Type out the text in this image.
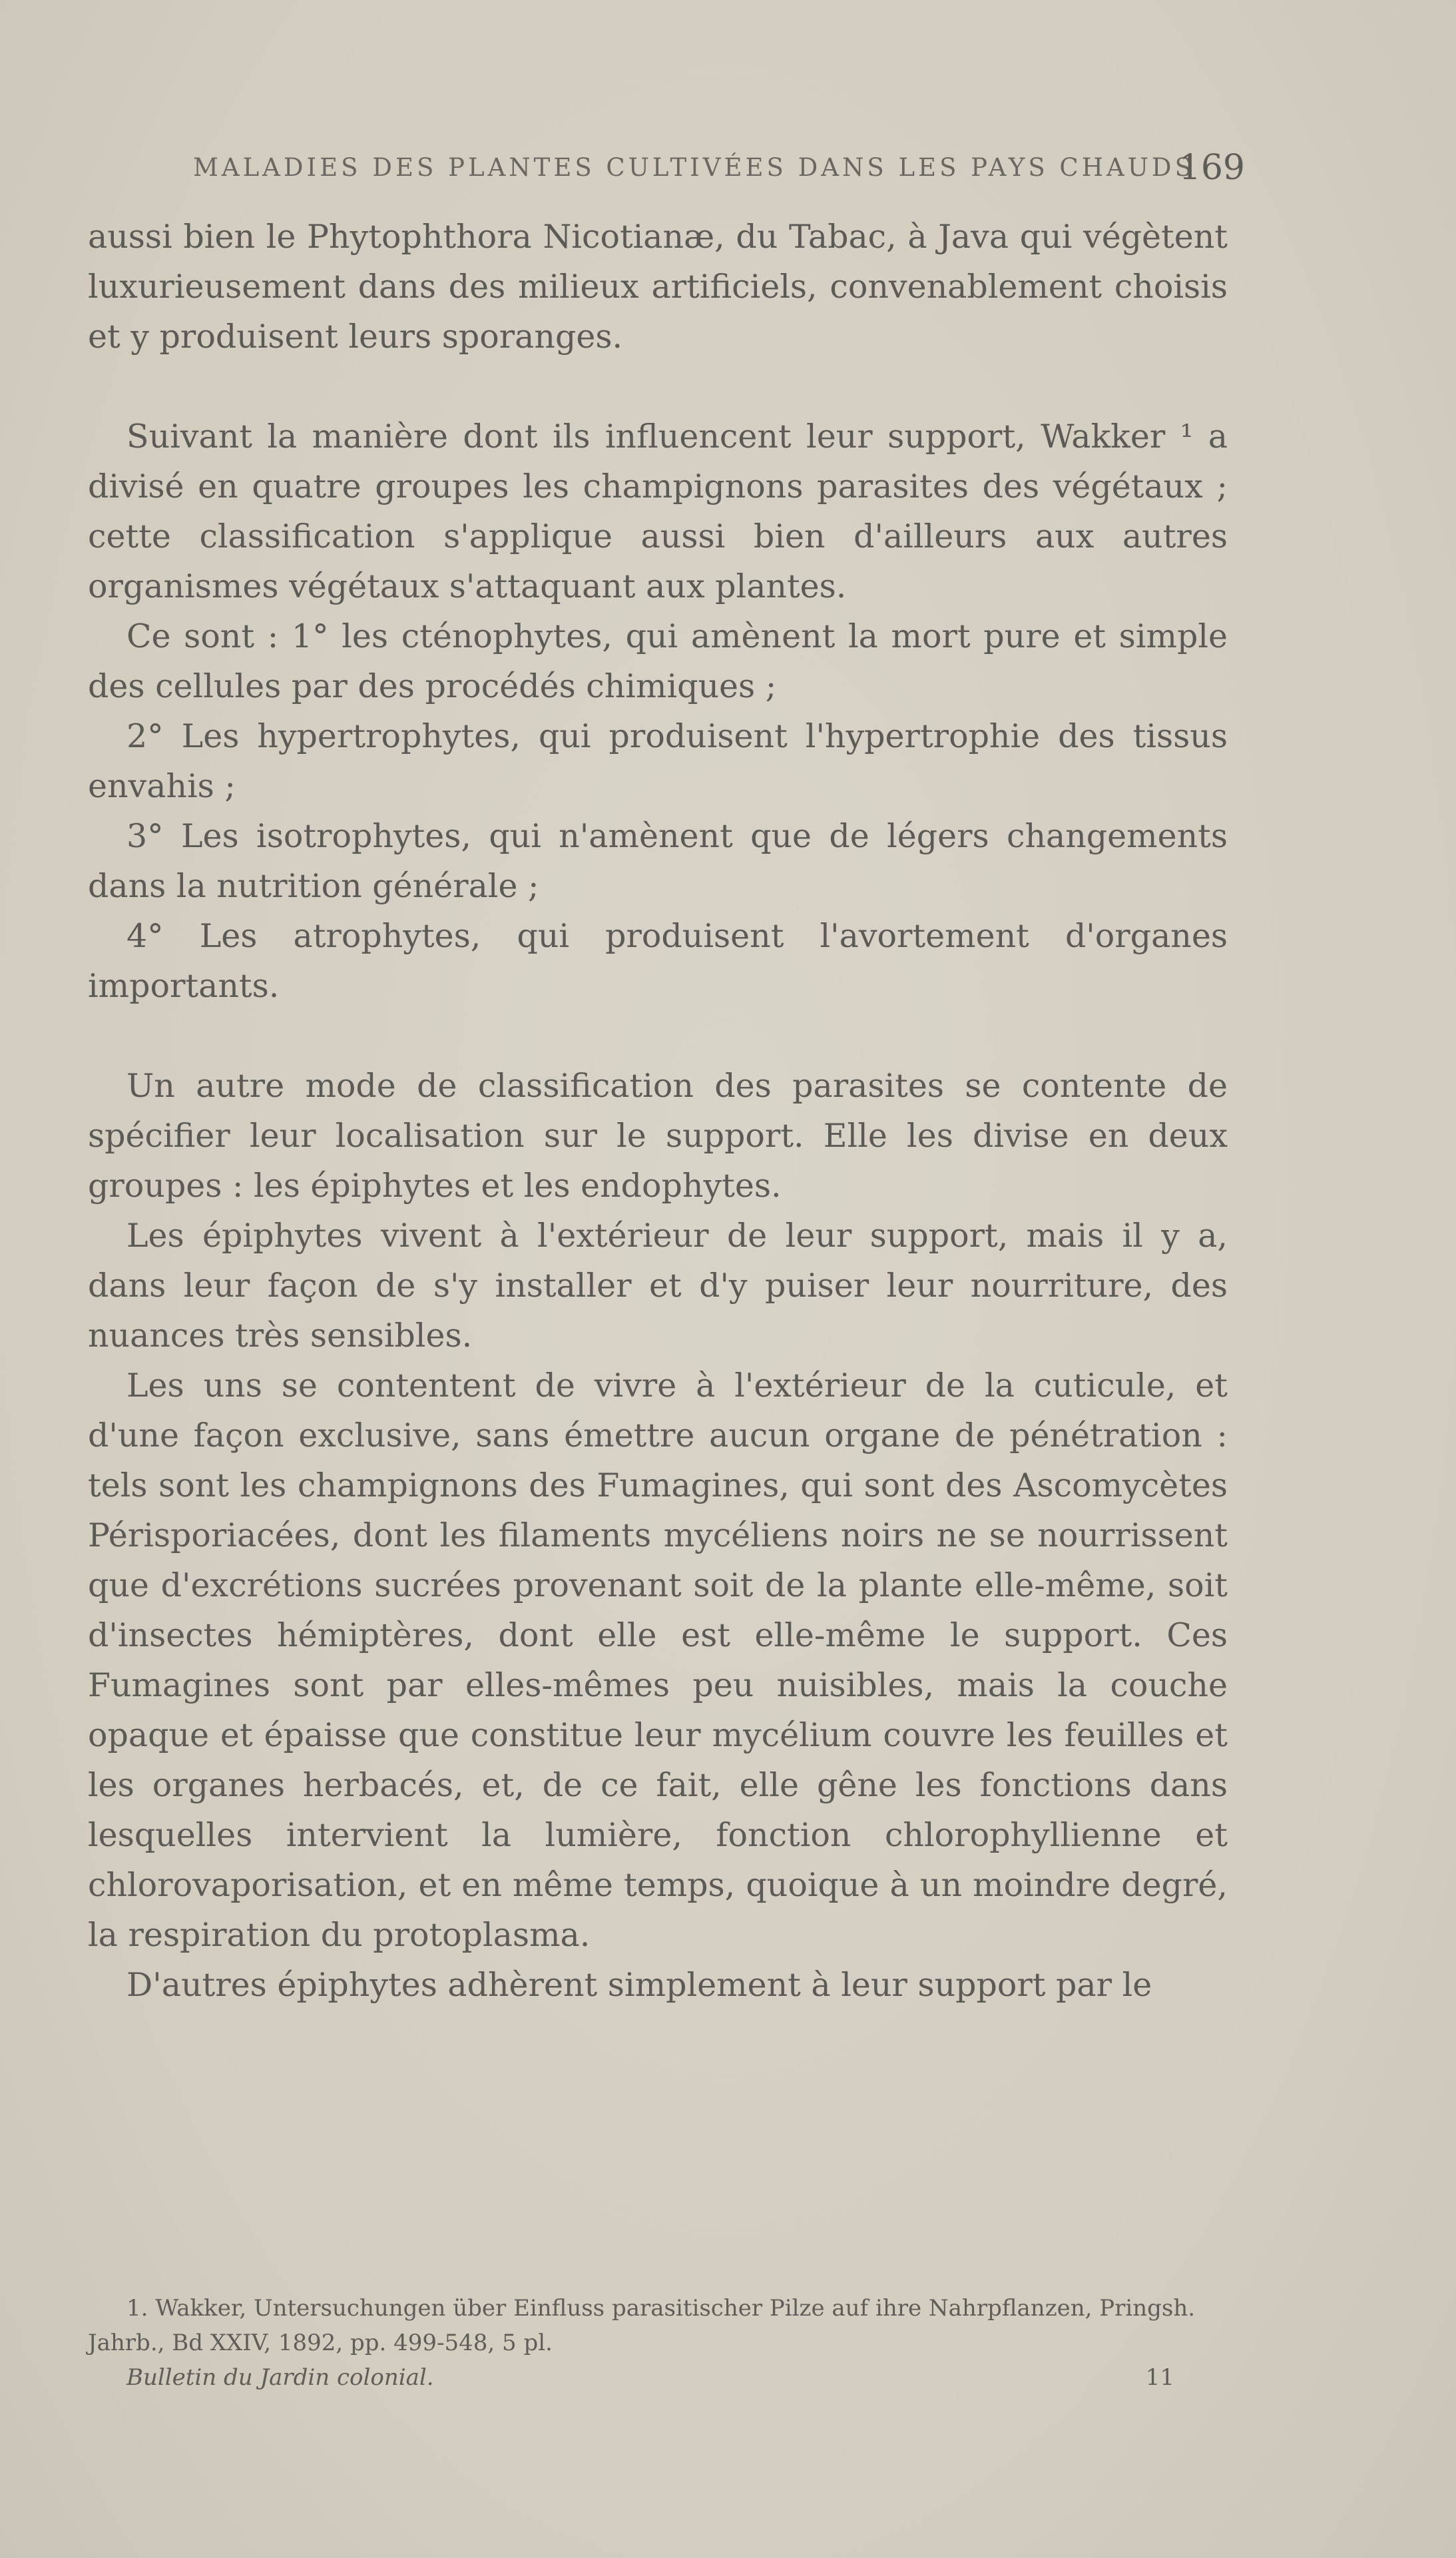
MALADIES DES PLANTES CULTIVÉES DANS LES PAYS CHAUDS
169

aussi bien le Phytophthora Nicotianæ, du Tabac, à Java qui végètent luxurieusement dans des milieux artificiels, convenablement choisis et y produisent leurs sporanges.

Suivant la manière dont ils influencent leur support, Wakker ¹ a divisé en quatre groupes les champignons parasites des végétaux ; cette classification s'applique aussi bien d'ailleurs aux autres organismes végétaux s'attaquant aux plantes.

Ce sont : 1° les cténophytes, qui amènent la mort pure et simple des cellules par des procédés chimiques ;

2° Les hypertrophytes, qui produisent l'hypertrophie des tissus envahis ;

3° Les isotrophytes, qui n'amènent que de légers changements dans la nutrition générale ;

4° Les atrophytes, qui produisent l'avortement d'organes importants.

Un autre mode de classification des parasites se contente de spécifier leur localisation sur le support. Elle les divise en deux groupes : les épiphytes et les endophytes.

Les épiphytes vivent à l'extérieur de leur support, mais il y a, dans leur façon de s'y installer et d'y puiser leur nourriture, des nuances très sensibles.

Les uns se contentent de vivre à l'extérieur de la cuticule, et d'une façon exclusive, sans émettre aucun organe de pénétration : tels sont les champignons des Fumagines, qui sont des Ascomycètes Périsporiacées, dont les filaments mycéliens noirs ne se nourrissent que d'excrétions sucrées provenant soit de la plante elle-même, soit d'insectes hémiptères, dont elle est elle-même le support. Ces Fumagines sont par elles-mêmes peu nuisibles, mais la couche opaque et épaisse que constitue leur mycélium couvre les feuilles et les organes herbacés, et, de ce fait, elle gêne les fonctions dans lesquelles intervient la lumière, fonction chlorophyllienne et chlorovaporisation, et en même temps, quoique à un moindre degré, la respiration du protoplasma.

D'autres épiphytes adhèrent simplement à leur support par le

1. Wakker, Untersuchungen über Einfluss parasitischer Pilze auf ihre Nahrpflanzen, Pringsh. Jahrb., Bd XXIV, 1892, pp. 499-548, 5 pl.

Bulletin du Jardin colonial.	11
